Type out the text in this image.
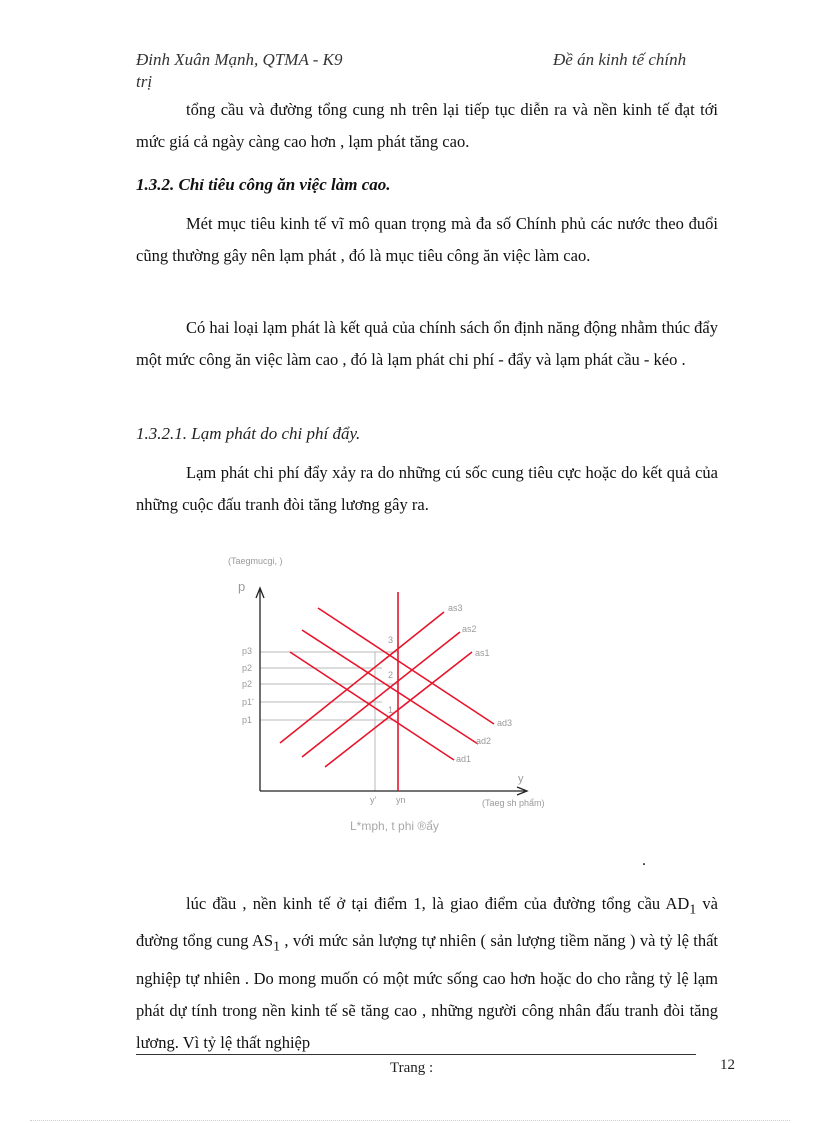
Đinh Xuân Mạnh, QTMA - K9	Đề án kinh tế chính
trị
tổng cầu và đường tổng cung nh trên lại tiếp tục diễn ra và nền kinh tế đạt tới mức giá cả ngày càng cao hơn , lạm phát tăng cao.
1.3.2. Chỉ tiêu công ăn việc làm cao.
Mét mục tiêu kinh tế vĩ mô quan trọng mà đa số Chính phủ các nước theo đuổi cũng thường gây nên lạm phát , đó là mục tiêu công ăn việc làm cao.
Có hai loại lạm phát là kết quả của chính sách ổn định năng động nhằm thúc đẩy một mức công ăn việc làm cao , đó là lạm phát chi phí - đẩy và lạm phát cầu - kéo .
1.3.2.1. Lạm phát do chi phí đẩy.
Lạm phát chi phí đẩy xảy ra do những cú sốc cung tiêu cực hoặc do kết quả của những cuộc đấu tranh đòi tăng lương gây ra.
(Taegmucgi, )
(Taeg sh phẩm)
p3
p2
p2
p1'
p1
3
2
1
as3
as2
as1
ad3
ad2
ad1
y' yn
p
y
L*mph, t phi ®ẩy
.
lúc đầu , nền kinh tế ở tại điểm 1, là giao điểm của đường tổng cầu $AD_1$ và đường tổng cung $AS_1$ , với mức sản lượng tự nhiên ( sản lượng tiềm năng ) và tỷ lệ thất nghiệp tự nhiên . Do mong muốn có một mức sống cao hơn hoặc do cho rằng tỷ lệ lạm phát dự tính trong nền kinh tế sẽ tăng cao , những người công nhân đấu tranh đòi tăng lương. Vì tỷ lệ thất nghiệp
Trang :	12
